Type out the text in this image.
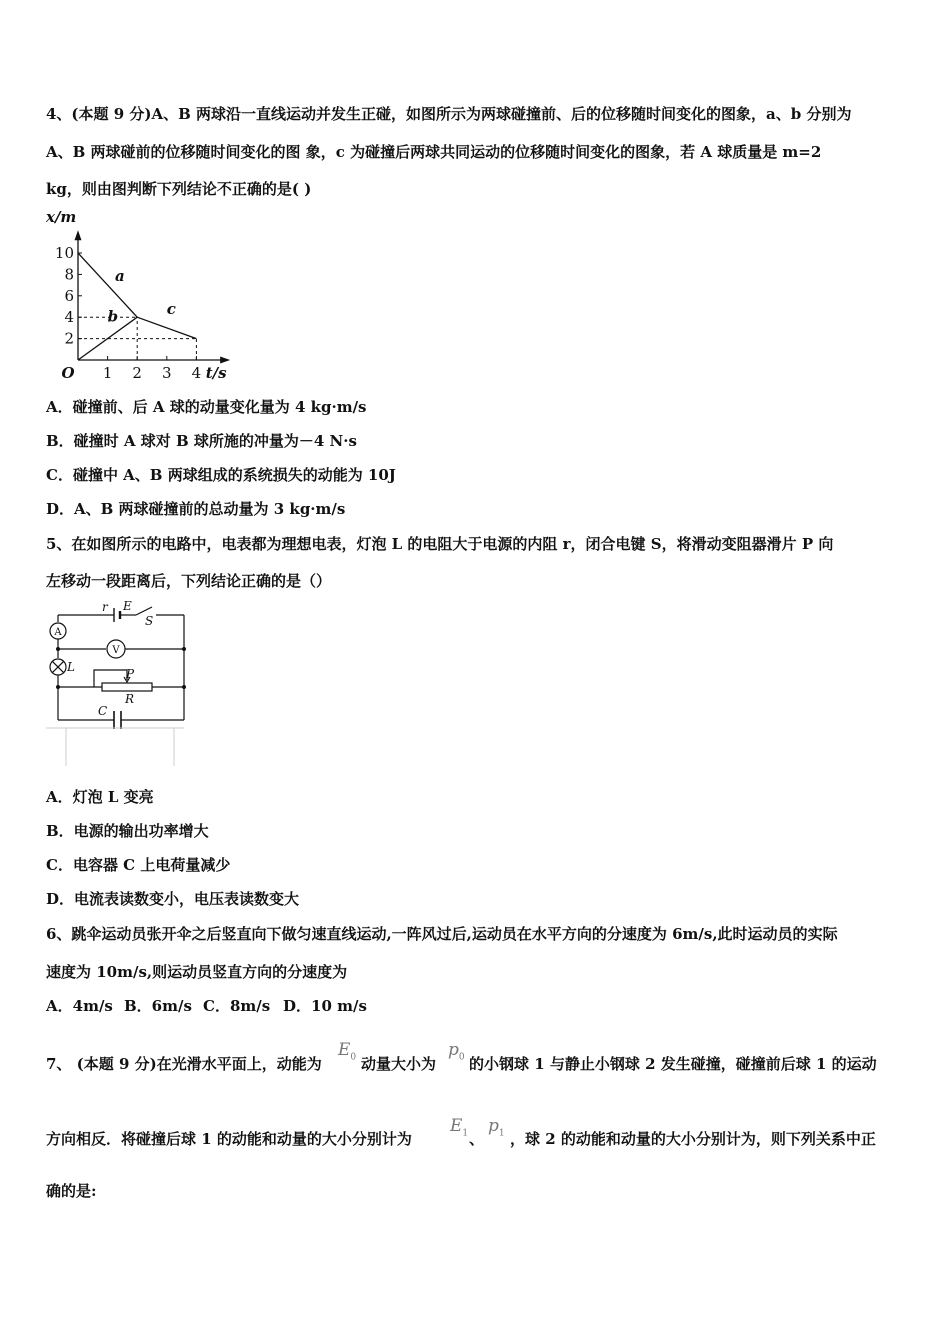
4、(本题 9 分)A、B 两球沿一直线运动并发生正碰，如图所示为两球碰撞前、后的位移随时间变化的图象，a、b 分别为
A、B 两球碰前的位移随时间变化的图 象，c 为碰撞后两球共同运动的位移随时间变化的图象，若 A 球质量是 m=2
kg，则由图判断下列结论不正确的是( )
1 2 3 4
2
4
6
8
10
O	t/s
x/m
a
b	c
A．碰撞前、后 A 球的动量变化量为 4 kg·m/s
B．碰撞时 A 球对 B 球所施的冲量为－4 N·s
C．碰撞中 A、B 两球组成的系统损失的动能为 10J
D．A、B 两球碰撞前的总动量为 3 kg·m/s
5、在如图所示的电路中，电表都为理想电表，灯泡 L 的电阻大于电源的内阻 r，闭合电键 S，将滑动变阻器滑片 P 向
左移动一段距离后，下列结论正确的是（）
r E
S
L	P
R
C
A
V
A．灯泡 L 变亮
B．电源的输出功率增大
C．电容器 C 上电荷量减少
D．电流表读数变小，电压表读数变大
6、跳伞运动员张开伞之后竖直向下做匀速直线运动,一阵风过后,运动员在水平方向的分速度为 6m/s,此时运动员的实际
速度为 10m/s,则运动员竖直方向的分速度为
A．4m/s B．6m/s C．8m/s D．10 m/s
7、 (本题 9 分)在光滑水平面上，动能为
$E_0$ 动量大小为
$p_0$ 的小钢球 1 与静止小钢球 2 发生碰撞，碰撞前后球 1 的运动
方向相反．将碰撞后球 1 的动能和动量的大小分别计为
$E_1$ 、
$p_1$ ，球 2 的动能和动量的大小分别计为，则下列关系中正
确的是:
